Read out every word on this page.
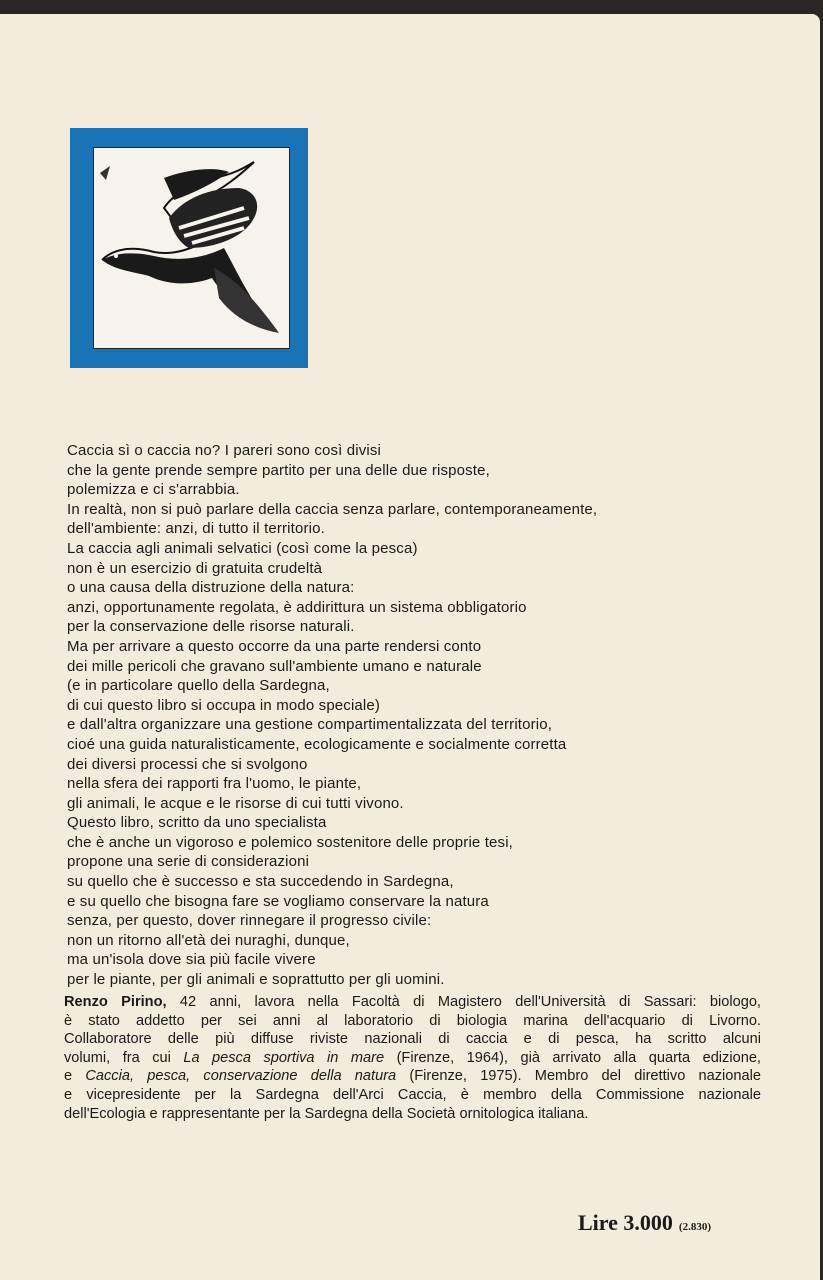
Caccia sì o caccia no? I pareri sono così divisi
che la gente prende sempre partito per una delle due risposte,
polemizza e ci s'arrabbia.
In realtà, non si può parlare della caccia senza parlare, contemporaneamente,
dell'ambiente: anzi, di tutto il territorio.
La caccia agli animali selvatici (così come la pesca)
non è un esercizio di gratuita crudeltà
o una causa della distruzione della natura:
anzi, opportunamente regolata, è addirittura un sistema obbligatorio
per la conservazione delle risorse naturali.
Ma per arrivare a questo occorre da una parte rendersi conto
dei mille pericoli che gravano sull'ambiente umano e naturale
(e in particolare quello della Sardegna,
di cui questo libro si occupa in modo speciale)
e dall'altra organizzare una gestione compartimentalizzata del territorio,
cioé una guida naturalisticamente, ecologicamente e socialmente corretta
dei diversi processi che si svolgono
nella sfera dei rapporti fra l'uomo, le piante,
gli animali, le acque e le risorse di cui tutti vivono.
Questo libro, scritto da uno specialista
che è anche un vigoroso e polemico sostenitore delle proprie tesi,
propone una serie di considerazioni
su quello che è successo e sta succedendo in Sardegna,
e su quello che bisogna fare se vogliamo conservare la natura
senza, per questo, dover rinnegare il progresso civile:
non un ritorno all'età dei nuraghi, dunque,
ma un'isola dove sia più facile vivere
per le piante, per gli animali e soprattutto per gli uomini.
Renzo Pirino, 42 anni, lavora nella Facoltà di Magistero dell'Università di Sassari: biologo,
è stato addetto per sei anni al laboratorio di biologia marina dell'acquario di Livorno.
Collaboratore delle più diffuse riviste nazionali di caccia e di pesca, ha scritto alcuni
volumi, fra cui La pesca sportiva in mare (Firenze, 1964), già arrivato alla quarta edizione,
e Caccia, pesca, conservazione della natura (Firenze, 1975). Membro del direttivo nazionale
e vicepresidente per la Sardegna dell'Arci Caccia, è membro della Commissione nazionale
dell'Ecologia e rappresentante per la Sardegna della Società ornitologica italiana.
Lire 3.000 (2.830)
